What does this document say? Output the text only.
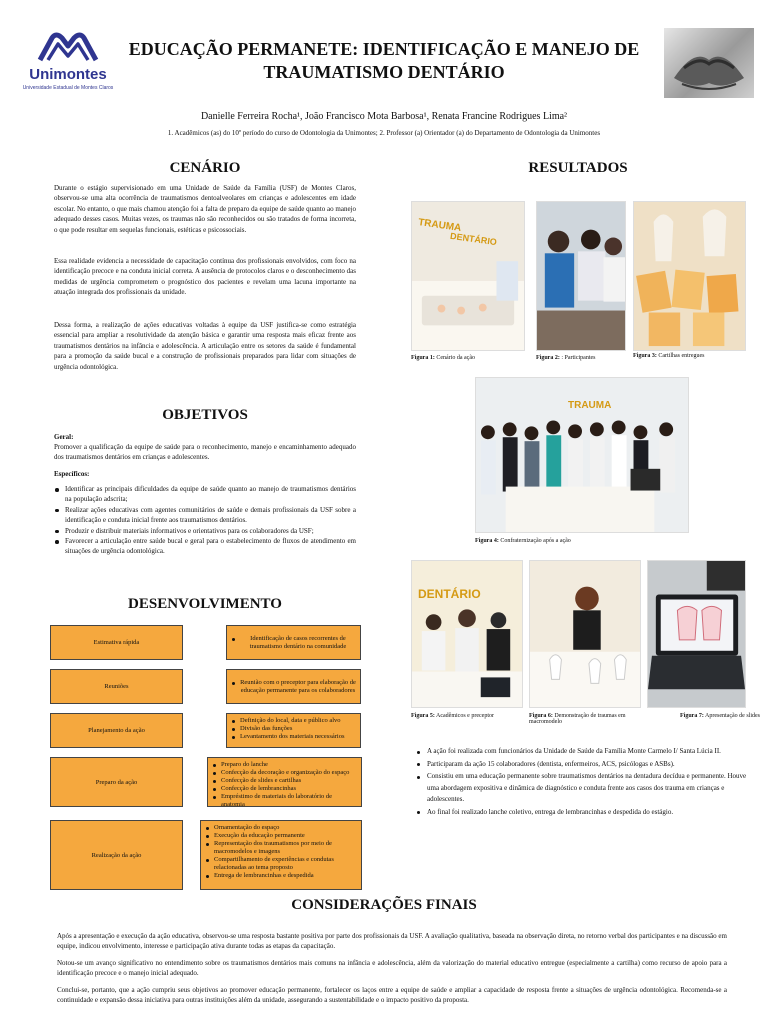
Unimontes
Universidade Estadual de Montes Claros
EDUCAÇÃO PERMANETE: IDENTIFICAÇÃO E MANEJO DE
TRAUMATISMO DENTÁRIO
Danielle Ferreira Rocha¹, João Francisco Mota Barbosa¹, Renata Francine Rodrigues Lima²
1. Acadêmicos (as) do 10º período do curso de Odontologia da Unimontes; 2. Professor (a) Orientador (a) do Departamento de Odontologia da Unimontes
CENÁRIO
Durante o estágio supervisionado em uma Unidade de Saúde da Família (USF) de Montes Claros, observou-se uma alta ocorrência de traumatismos dentoalveolares em crianças e adolescentes em idade escolar. No entanto, o que mais chamou atenção foi a falta de preparo da equipe de saúde quanto ao manejo adequado desses casos. Muitas vezes, os traumas não são reconhecidos ou são tratados de forma incorreta, o que pode resultar em sequelas funcionais, estéticas e psicossociais.
Essa realidade evidencia a necessidade de capacitação contínua dos profissionais envolvidos, com foco na identificação precoce e na conduta inicial correta. A ausência de protocolos claros e o desconhecimento das medidas de urgência comprometem o prognóstico dos pacientes e revelam uma lacuna importante na atuação integrada dos profissionais da unidade.
Dessa forma, a realização de ações educativas voltadas à equipe da USF justifica-se como estratégia essencial para ampliar a resolutividade da atenção básica e garantir uma resposta mais eficaz frente aos traumatismos dentários na infância e adolescência. A articulação entre os setores da saúde é fundamental para a promoção da saúde bucal e a construção de profissionais preparados para lidar com situações de urgência odontológica.
OBJETIVOS
Geral:
Promover a qualificação da equipe de saúde para o reconhecimento, manejo e encaminhamento adequado dos traumatismos dentários em crianças e adolescentes.
Específicos:
Identificar as principais dificuldades da equipe de saúde quanto ao manejo de traumatismos dentários na população adscrita;
Realizar ações educativas com agentes comunitários de saúde e demais profissionais da USF sobre a identificação e conduta inicial frente aos traumatismos dentários.
Produzir e distribuir materiais informativos e orientativos para os colaboradores da USF;
Favorecer a articulação entre saúde bucal e geral para o estabelecimento de fluxos de atendimento em situações de urgência odontológica.
DESENVOLVIMENTO
Estimativa rápida
Identificação de casos recorrentes de traumatismo dentário na comunidade
Reuniões
Reunião com o preceptor para elaboração de educação permanente para os colaboradores
Planejamento da ação
Definição do local, data e público alvo
Divisão das funções
Levantamento dos materiais necessários
Preparo da ação
Preparo do lanche
Confecção da decoração e organização do espaço
Confecção de slides e cartilhas
Confecção de lembrancinhas
Empréstimo de materiais do laboratório de anatomia
Realização da ação
Ornamentação do espaço
Execução da educação permanente
Representação dos traumatismos por meio de macromodelos e imagens
Compartilhamento de experiências e condutas relacionadas ao tema proposto
Entrega de lembrancinhas e despedida
RESULTADOS
TRAUMA
DENTÁRIO
Figura 1: Cenário da ação	Figura 2: : Participantes	Figura 3: Cartilhas entregues
TRAUMA
Figura 4: Confraternização após a ação
DENTÁRIO
Figura 5: Acadêmicos e preceptor	Figura 6: Demonstração de traumas em macromodelo
Figura 7: Apresentação de slides
A ação foi realizada com funcionários da Unidade de Saúde da Família Monte Carmelo I/ Santa Lúcia II.
Participaram da ação 15 colaboradores (dentista, enfermeiros, ACS, psicólogas e ASBs).
Consistiu em uma educação permanente sobre traumatismos dentários na dentadura decídua e permanente. Houve uma abordagem expositiva e dinâmica de diagnóstico e conduta frente aos casos dos trauma em crianças e adolescentes.
Ao final foi realizado lanche coletivo, entrega de lembrancinhas e despedida do estágio.
CONSIDERAÇÕES FINAIS
Após a apresentação e execução da ação educativa, observou-se uma resposta bastante positiva por parte dos profissionais da USF. A avaliação qualitativa, baseada na observação direta, no retorno verbal dos participantes e na discussão em equipe, indicou envolvimento, interesse e participação ativa durante todas as etapas da capacitação.
Notou-se um avanço significativo no entendimento sobre os traumatismos dentários mais comuns na infância e adolescência, além da valorização do material educativo entregue (especialmente a cartilha) como recurso de apoio para a identificação precoce e o manejo inicial adequado.
Conclui-se, portanto, que a ação cumpriu seus objetivos ao promover educação permanente, fortalecer os laços entre a equipe de saúde e ampliar a capacidade de resposta frente a situações de urgência odontológica. Recomenda-se a continuidade e expansão dessa iniciativa para outras instituições além da unidade, assegurando a sustentabilidade e o impacto positivo da proposta.
